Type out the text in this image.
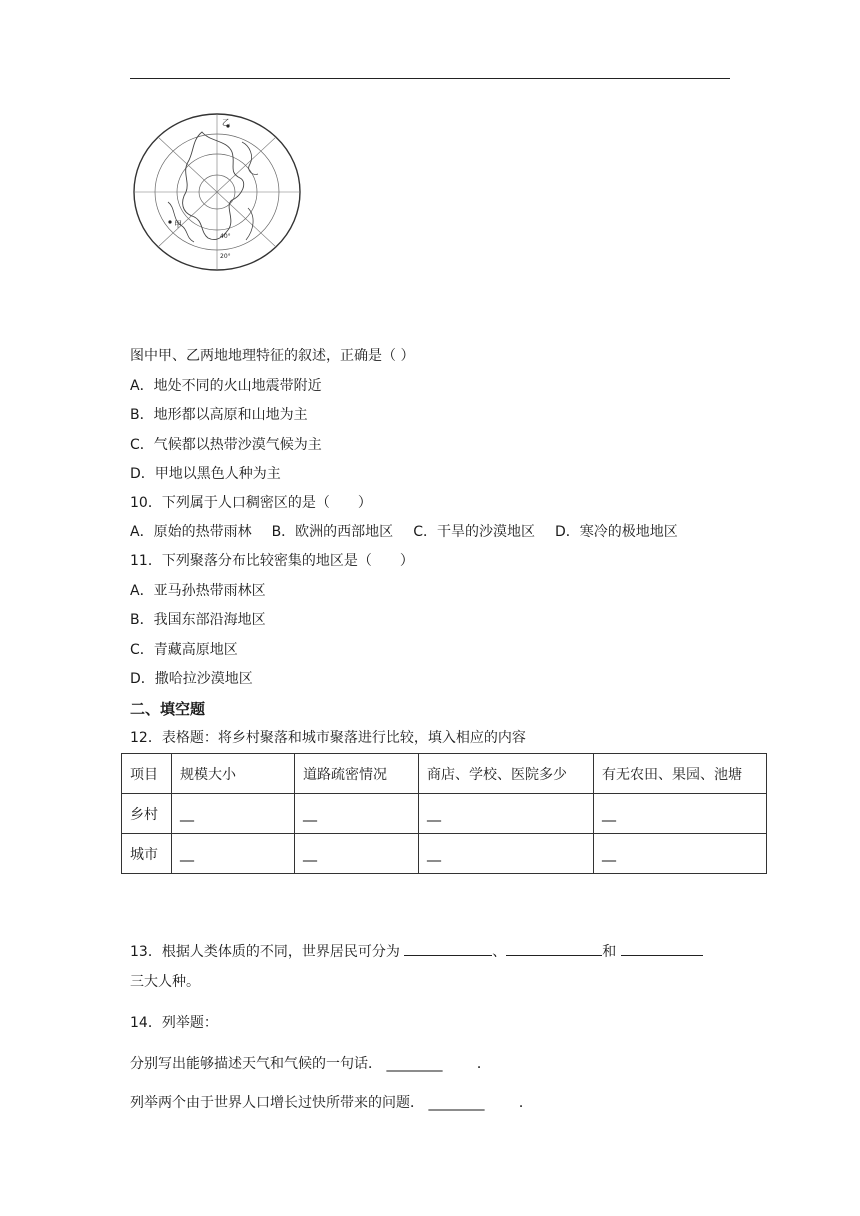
乙
甲
40°
20°
图中甲、乙两地地理特征的叙述，正确是（ ）
A．地处不同的火山地震带附近
B．地形都以高原和山地为主
C．气候都以热带沙漠气候为主
D．甲地以黑色人种为主
10．下列属于人口稠密区的是（　　）
A．原始的热带雨林 B．欧洲的西部地区 C．干旱的沙漠地区 D．寒冷的极地地区
11．下列聚落分布比较密集的地区是（　　）
A．亚马孙热带雨林区
B．我国东部沿海地区
C．青藏高原地区
D．撒哈拉沙漠地区
二、填空题
12．表格题：将乡村聚落和城市聚落进行比较，填入相应的内容
项目	规模大小	道路疏密情况	商店、学校、医院多少	有无农田、果园、池塘
乡村	__	__	__	__
城市	__	__	__	__
13．根据人类体质的不同，世界居民可分为	、	和
三大人种。
14．列举题：
分别写出能够描述天气和气候的一句话． ________ ．
列举两个由于世界人口增长过快所带来的问题． ________ ．
